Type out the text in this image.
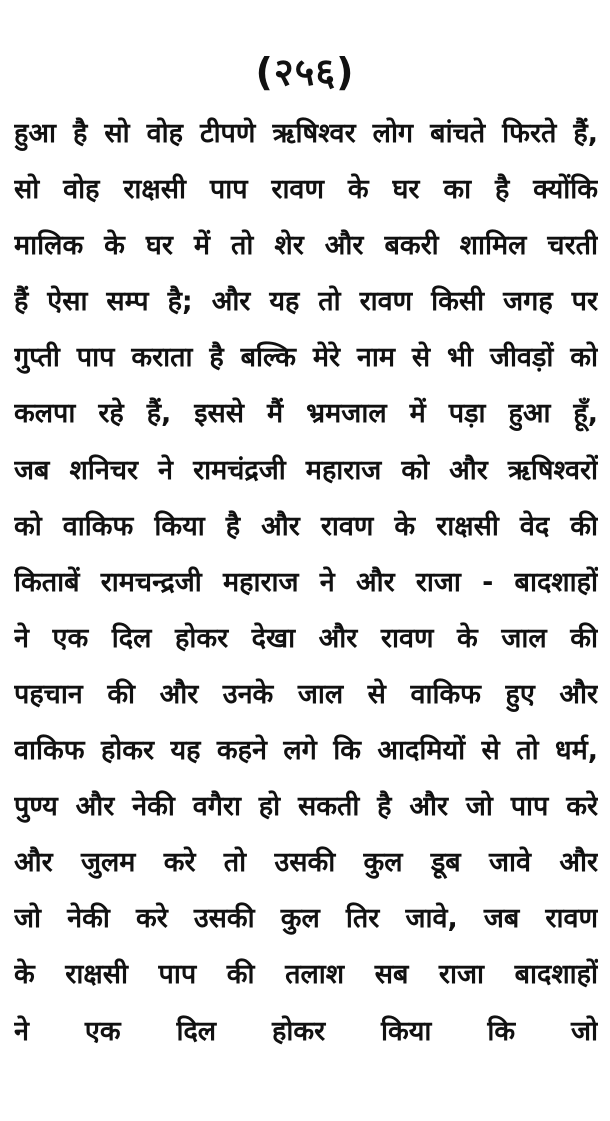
(२५६)
हुआ है सो वोह टीपणे ऋषिश्वर लोग बांचते फिरते हैं,
सो वोह राक्षसी पाप रावण के घर का है क्योंकि
मालिक के घर में तो शेर और बकरी शामिल चरती
हैं ऐसा सम्प है; और यह तो रावण किसी जगह पर
गुप्ती पाप कराता है बल्कि मेरे नाम से भी जीवड़ों को
कलपा रहे हैं, इससे मैं भ्रमजाल में पड़ा हुआ हूँ,
जब शनिचर ने रामचंद्रजी महाराज को और ऋषिश्वरों
को वाकिफ किया है और रावण के राक्षसी वेद की
किताबें रामचन्द्रजी महाराज ने और राजा - बादशाहों
ने एक दिल होकर देखा और रावण के जाल की
पहचान की और उनके जाल से वाकिफ हुए और
वाकिफ होकर यह कहने लगे कि आदमियों से तो धर्म,
पुण्य और नेकी वगैरा हो सकती है और जो पाप करे
और जुलम करे तो उसकी कुल डूब जावे और
जो नेकी करे उसकी कुल तिर जावे, जब रावण
के राक्षसी पाप की तलाश सब राजा बादशाहों
ने एक दिल होकर किया कि जो
